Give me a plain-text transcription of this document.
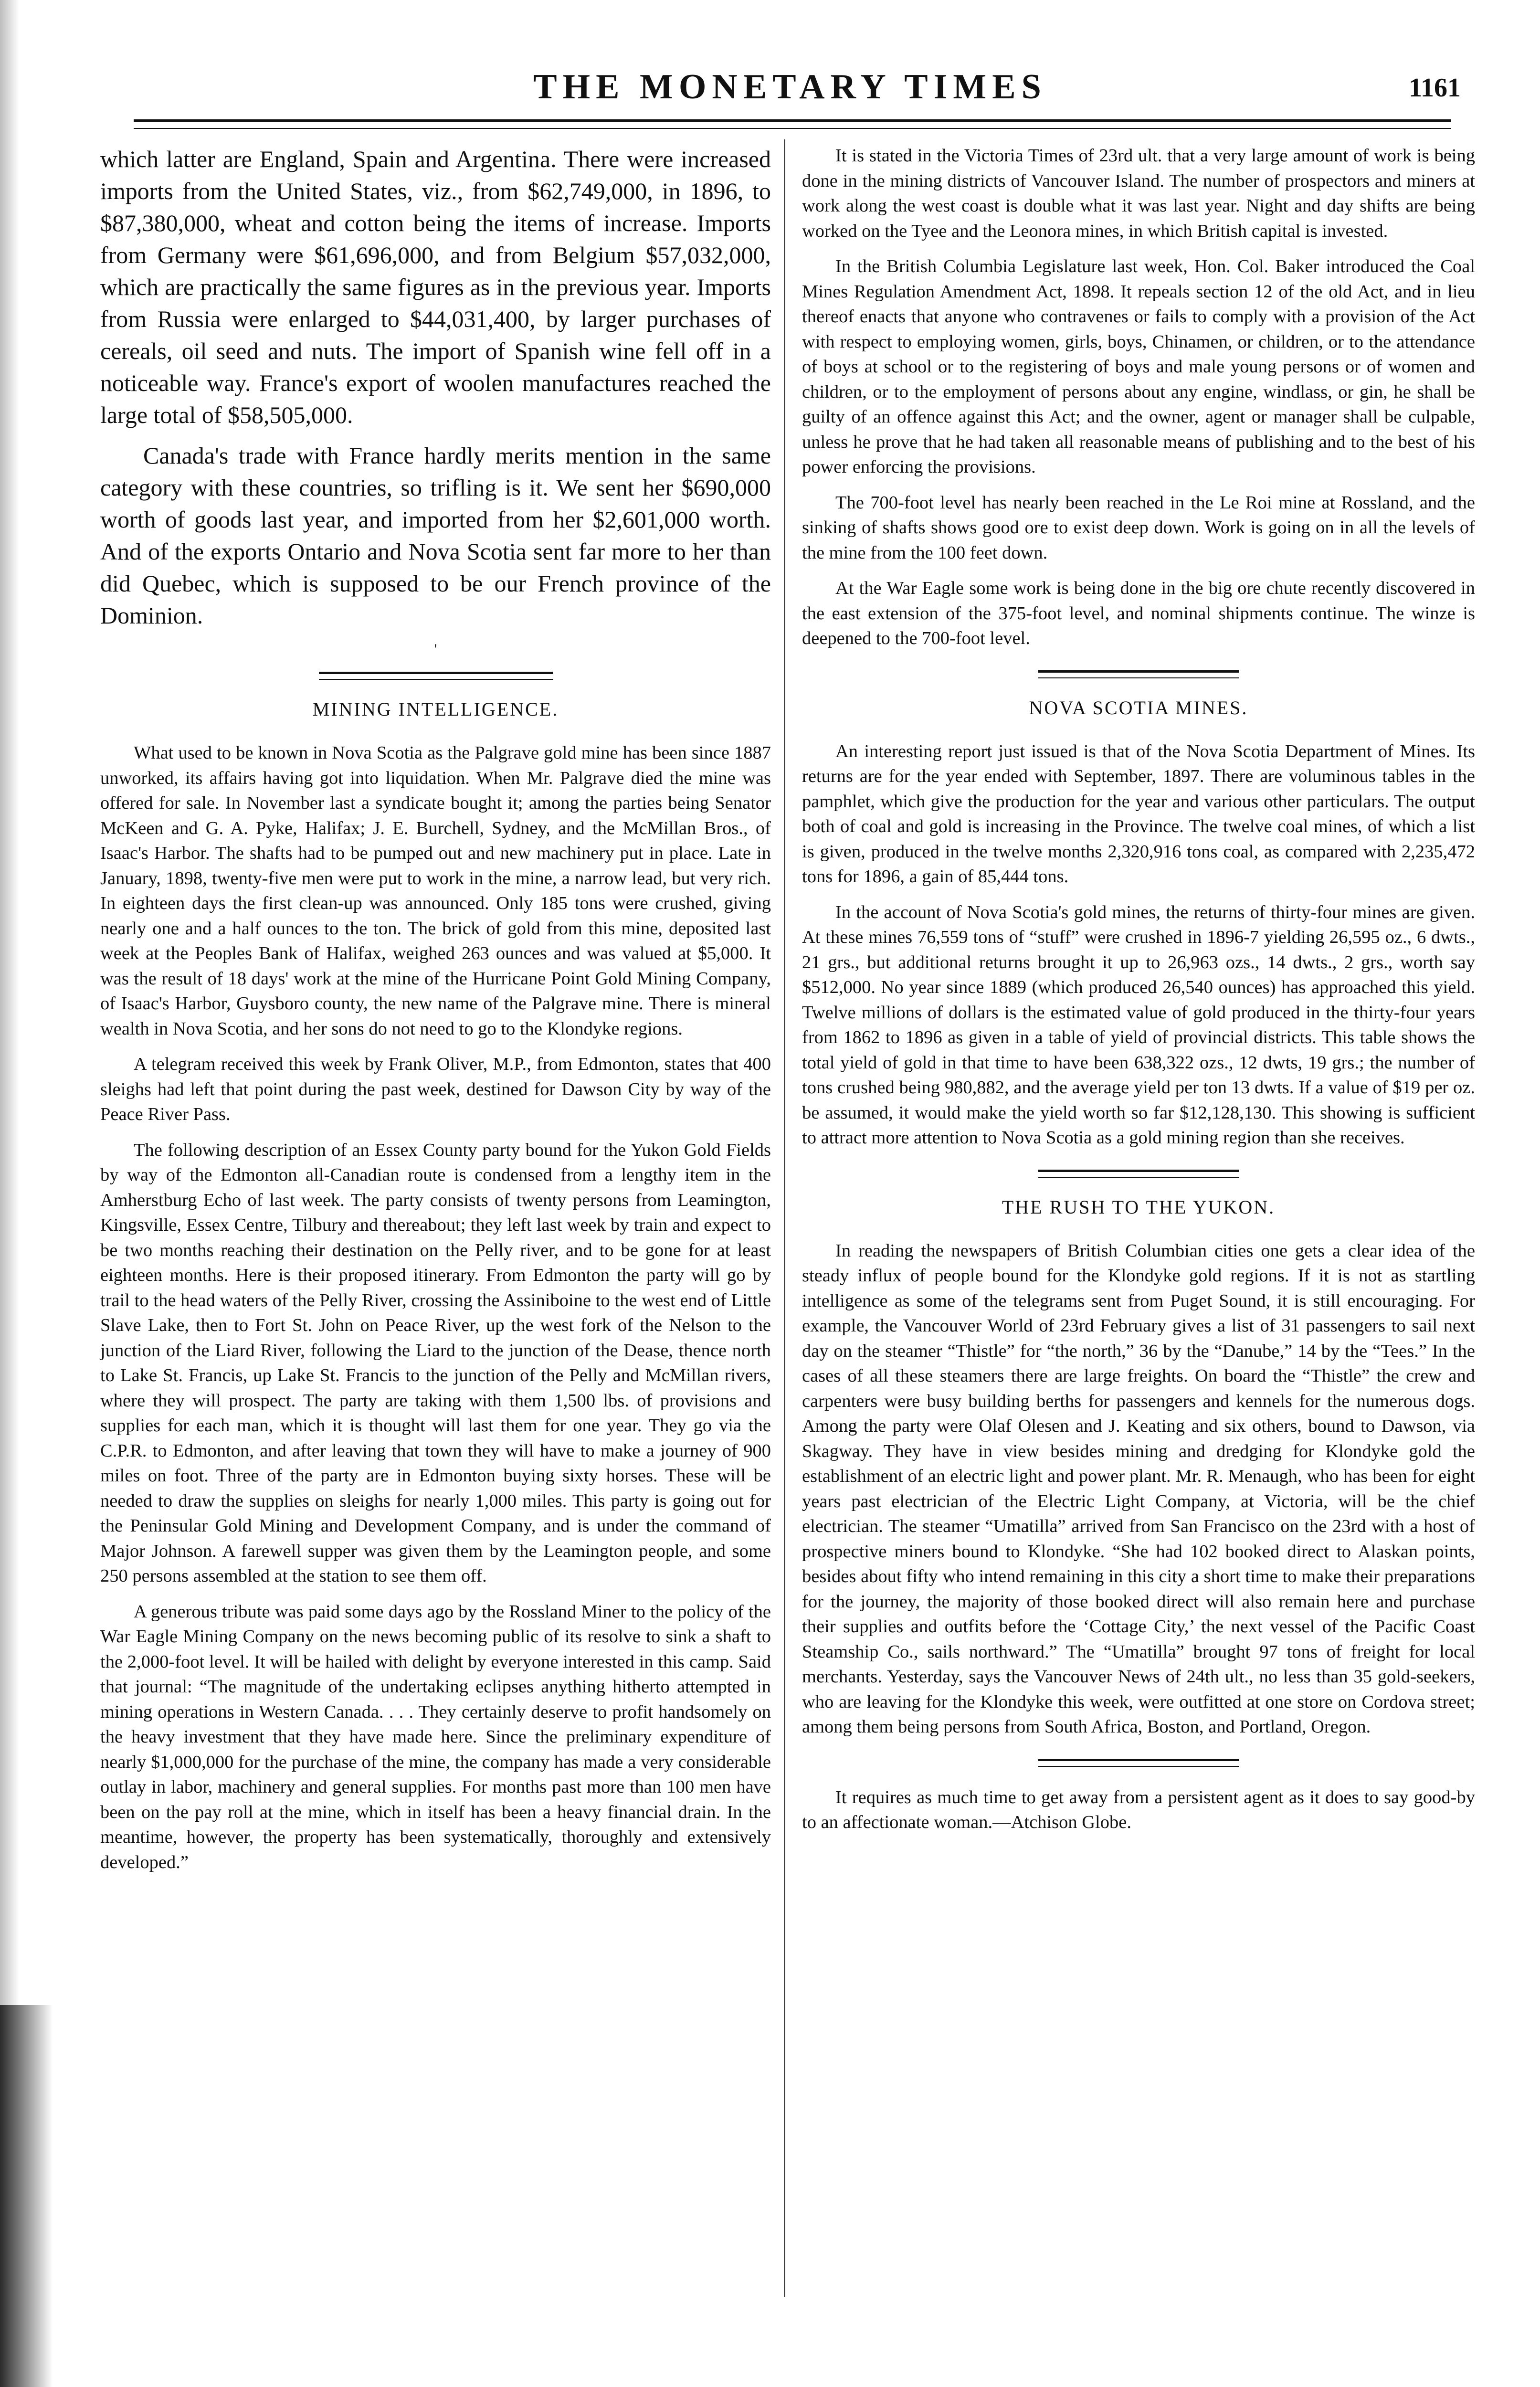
THE MONETARY TIMES	1161

which latter are England, Spain and Argentina. There were increased imports from the United States, viz., from $62,749,000, in 1896, to $87,380,000, wheat and cotton being the items of increase. Imports from Germany were $61,696,000, and from Belgium $57,032,000, which are practically the same figures as in the previous year. Imports from Russia were enlarged to $44,031,400, by larger purchases of cereals, oil seed and nuts. The import of Spanish wine fell off in a noticeable way. France's export of woolen manufactures reached the large total of $58,505,000.

Canada's trade with France hardly merits mention in the same category with these countries, so trifling is it. We sent her $690,000 worth of goods last year, and imported from her $2,601,000 worth. And of the exports Ontario and Nova Scotia sent far more to her than did Quebec, which is supposed to be our French province of the Dominion.

'
MINING INTELLIGENCE.

What used to be known in Nova Scotia as the Palgrave gold mine has been since 1887 unworked, its affairs having got into liquidation. When Mr. Palgrave died the mine was offered for sale. In November last a syndicate bought it; among the parties being Senator McKeen and G. A. Pyke, Halifax; J. E. Burchell, Sydney, and the McMillan Bros., of Isaac's Harbor. The shafts had to be pumped out and new machinery put in place. Late in January, 1898, twenty-five men were put to work in the mine, a narrow lead, but very rich. In eighteen days the first clean-up was announced. Only 185 tons were crushed, giving nearly one and a half ounces to the ton. The brick of gold from this mine, deposited last week at the Peoples Bank of Halifax, weighed 263 ounces and was valued at $5,000. It was the result of 18 days' work at the mine of the Hurricane Point Gold Mining Company, of Isaac's Harbor, Guysboro county, the new name of the Palgrave mine. There is mineral wealth in Nova Scotia, and her sons do not need to go to the Klondyke regions.

A telegram received this week by Frank Oliver, M.P., from Edmonton, states that 400 sleighs had left that point during the past week, destined for Dawson City by way of the Peace River Pass.

The following description of an Essex County party bound for the Yukon Gold Fields by way of the Edmonton all-Canadian route is condensed from a lengthy item in the Amherstburg Echo of last week. The party consists of twenty persons from Leamington, Kingsville, Essex Centre, Tilbury and thereabout; they left last week by train and expect to be two months reaching their destination on the Pelly river, and to be gone for at least eighteen months. Here is their proposed itinerary. From Edmonton the party will go by trail to the head waters of the Pelly River, crossing the Assiniboine to the west end of Little Slave Lake, then to Fort St. John on Peace River, up the west fork of the Nelson to the junction of the Liard River, following the Liard to the junction of the Dease, thence north to Lake St. Francis, up Lake St. Francis to the junction of the Pelly and McMillan rivers, where they will prospect. The party are taking with them 1,500 lbs. of provisions and supplies for each man, which it is thought will last them for one year. They go via the C.P.R. to Edmonton, and after leaving that town they will have to make a journey of 900 miles on foot. Three of the party are in Edmonton buying sixty horses. These will be needed to draw the supplies on sleighs for nearly 1,000 miles. This party is going out for the Peninsular Gold Mining and Development Company, and is under the command of Major Johnson. A farewell supper was given them by the Leamington people, and some 250 persons assembled at the station to see them off.

A generous tribute was paid some days ago by the Rossland Miner to the policy of the War Eagle Mining Company on the news becoming public of its resolve to sink a shaft to the 2,000-foot level. It will be hailed with delight by everyone interested in this camp. Said that journal: “The magnitude of the undertaking eclipses anything hitherto attempted in mining operations in Western Canada. . . . They certainly deserve to profit handsomely on the heavy investment that they have made here. Since the preliminary expenditure of nearly $1,000,000 for the purchase of the mine, the company has made a very considerable outlay in labor, machinery and general supplies. For months past more than 100 men have been on the pay roll at the mine, which in itself has been a heavy financial drain. In the meantime, however, the property has been systematically, thoroughly and extensively developed.”

It is stated in the Victoria Times of 23rd ult. that a very large amount of work is being done in the mining districts of Vancouver Island. The number of prospectors and miners at work along the west coast is double what it was last year. Night and day shifts are being worked on the Tyee and the Leonora mines, in which British capital is invested.

In the British Columbia Legislature last week, Hon. Col. Baker introduced the Coal Mines Regulation Amendment Act, 1898. It repeals section 12 of the old Act, and in lieu thereof enacts that anyone who contravenes or fails to comply with a provision of the Act with respect to employing women, girls, boys, Chinamen, or children, or to the attendance of boys at school or to the registering of boys and male young persons or of women and children, or to the employment of persons about any engine, windlass, or gin, he shall be guilty of an offence against this Act; and the owner, agent or manager shall be culpable, unless he prove that he had taken all reasonable means of publishing and to the best of his power enforcing the provisions.

The 700-foot level has nearly been reached in the Le Roi mine at Rossland, and the sinking of shafts shows good ore to exist deep down. Work is going on in all the levels of the mine from the 100 feet down.

At the War Eagle some work is being done in the big ore chute recently discovered in the east extension of the 375-foot level, and nominal shipments continue. The winze is deepened to the 700-foot level.

NOVA SCOTIA MINES.

An interesting report just issued is that of the Nova Scotia Department of Mines. Its returns are for the year ended with September, 1897. There are voluminous tables in the pamphlet, which give the production for the year and various other particulars. The output both of coal and gold is increasing in the Province. The twelve coal mines, of which a list is given, produced in the twelve months 2,320,916 tons coal, as compared with 2,235,472 tons for 1896, a gain of 85,444 tons.

In the account of Nova Scotia's gold mines, the returns of thirty-four mines are given. At these mines 76,559 tons of “stuff” were crushed in 1896-7 yielding 26,595 oz., 6 dwts., 21 grs., but additional returns brought it up to 26,963 ozs., 14 dwts., 2 grs., worth say $512,000. No year since 1889 (which produced 26,540 ounces) has approached this yield. Twelve millions of dollars is the estimated value of gold produced in the thirty-four years from 1862 to 1896 as given in a table of yield of provincial districts. This table shows the total yield of gold in that time to have been 638,322 ozs., 12 dwts, 19 grs.; the number of tons crushed being 980,882, and the average yield per ton 13 dwts. If a value of $19 per oz. be assumed, it would make the yield worth so far $12,128,130. This showing is sufficient to attract more attention to Nova Scotia as a gold mining region than she receives.

THE RUSH TO THE YUKON.

In reading the newspapers of British Columbian cities one gets a clear idea of the steady influx of people bound for the Klondyke gold regions. If it is not as startling intelligence as some of the telegrams sent from Puget Sound, it is still encouraging. For example, the Vancouver World of 23rd February gives a list of 31 passengers to sail next day on the steamer “Thistle” for “the north,” 36 by the “Danube,” 14 by the “Tees.” In the cases of all these steamers there are large freights. On board the “Thistle” the crew and carpenters were busy building berths for passengers and kennels for the numerous dogs. Among the party were Olaf Olesen and J. Keating and six others, bound to Dawson, via Skagway. They have in view besides mining and dredging for Klondyke gold the establishment of an electric light and power plant. Mr. R. Menaugh, who has been for eight years past electrician of the Electric Light Company, at Victoria, will be the chief electrician. The steamer “Umatilla” arrived from San Francisco on the 23rd with a host of prospective miners bound to Klondyke. “She had 102 booked direct to Alaskan points, besides about fifty who intend remaining in this city a short time to make their preparations for the journey, the majority of those booked direct will also remain here and purchase their supplies and outfits before the ‘Cottage City,’ the next vessel of the Pacific Coast Steamship Co., sails northward.” The “Umatilla” brought 97 tons of freight for local merchants. Yesterday, says the Vancouver News of 24th ult., no less than 35 gold-seekers, who are leaving for the Klondyke this week, were outfitted at one store on Cordova street; among them being persons from South Africa, Boston, and Portland, Oregon.

It requires as much time to get away from a persistent agent as it does to say good-by to an affectionate woman.—Atchison Globe.
